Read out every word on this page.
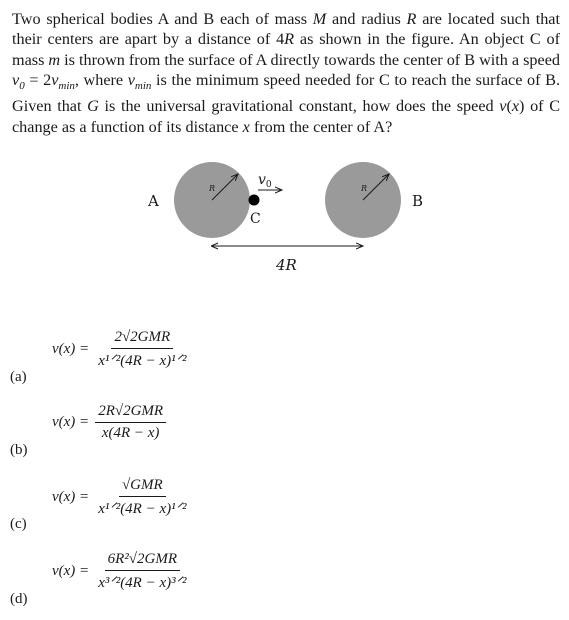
Two spherical bodies A and B each of mass M and radius R are located such that their centers are apart by a distance of 4R as shown in the figure. An object C of mass m is thrown from the surface of A directly towards the center of B with a speed $v_0 = 2v_{min}$, where $v_{min}$ is the minimum speed needed for C to reach the surface of B. Given that G is the universal gravitational constant, how does the speed v(x) of C change as a function of its distance x from the center of A?
R
A
R
B
C
$v_0$
4R
$v(x) = \frac{\text{2√2GMR}}{\text{x¹ᐟ²(4R − x)¹ᐟ²}}$
(a)
$v(x) = \frac{\text{2R√2GMR}}{x(4R - x)}$
(b)
$v(x) = \frac{\text{√GMR}}{\text{x¹ᐟ²(4R − x)¹ᐟ²}}$
(c)
$v(x) = \frac{\text{6R²√2GMR}}{\text{x³ᐟ²(4R − x)³ᐟ²}}$
(d)
